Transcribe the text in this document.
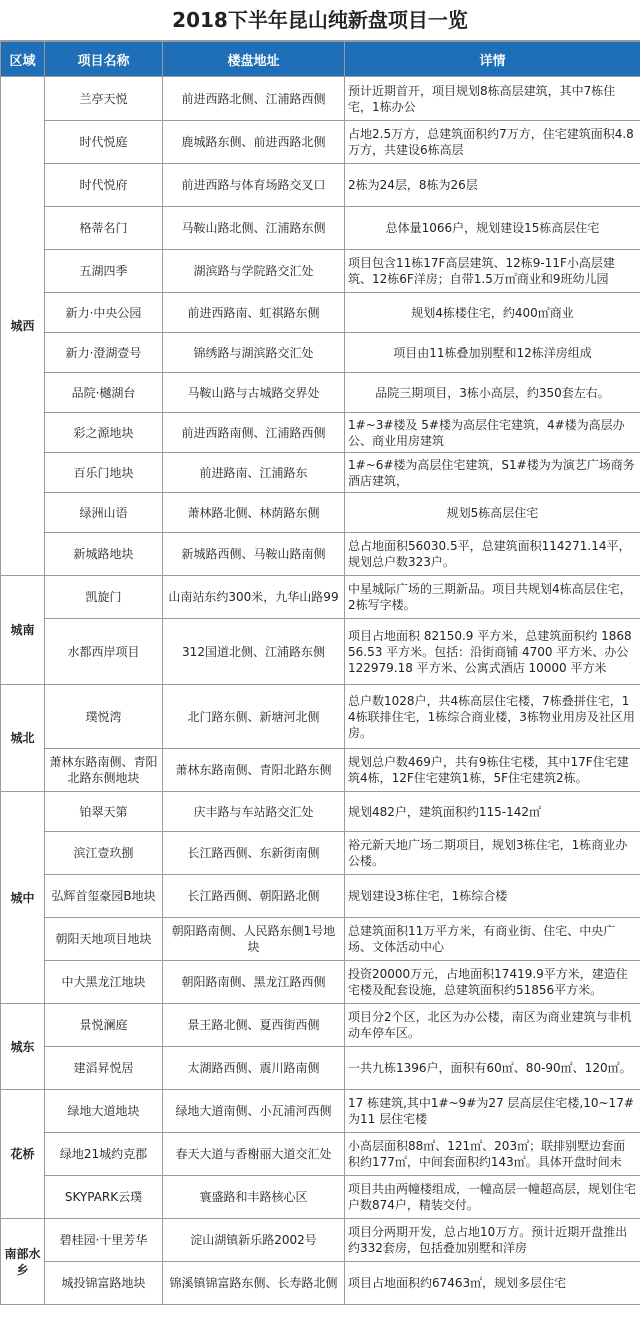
2018下半年昆山纯新盘项目一览
区域	项目名称	楼盘地址	详情
城西	兰亭天悦	前进西路北侧、江浦路西侧	预计近期首开，项目规划8栋高层建筑，其中7栋住宅，1栋办公
	时代悦庭	鹿城路东侧、前进西路北侧	占地2.5万方，总建筑面积约7万方，住宅建筑面积4.8万方，共建设6栋高层
	时代悦府	前进西路与体育场路交叉口	2栋为24层，8栋为26层
	格蒂名门	马鞍山路北侧、江浦路东侧	总体量1066户，规划建设15栋高层住宅
	五湖四季	湖滨路与学院路交汇处	项目包含11栋17F高层建筑、12栋9-11F小高层建筑、12栋6F洋房；自带1.5万㎡商业和9班幼儿园
	新力·中央公园	前进西路南、虹祺路东侧	规划4栋楼住宅，约400㎡商业
	新力·澄湖壹号	锦绣路与湖滨路交汇处	项目由11栋叠加别墅和12栋洋房组成
	品院·樾湖台	马鞍山路与古城路交界处	品院三期项目，3栋小高层，约350套左右。
	彩之源地块	前进西路南侧、江浦路西侧	1#~3#楼及 5#楼为高层住宅建筑，4#楼为高层办公、商业用房建筑
	百乐门地块	前进路南、江浦路东	1#~6#楼为高层住宅建筑，S1#楼为为演艺广场商务酒店建筑，
	绿洲山语	萧林路北侧、林荫路东侧	规划5栋高层住宅
	新城路地块	新城路西侧、马鞍山路南侧	总占地面积56030.5平，总建筑面积114271.14平，规划总户数323户。
城南	凯旋门	山南站东约300米，九华山路99	中星城际广场的三期新品。项目共规划4栋高层住宅，2栋写字楼。
	水都西岸项目	312国道北侧、江浦路东侧	项目占地面积 82150.9 平方米，总建筑面积约 186856.53 平方米。包括：沿街商铺 4700 平方米、办公 122979.18 平方米、公寓式酒店 10000 平方米
城北	璞悦湾	北门路东侧、新塘河北侧	总户数1028户，共4栋高层住宅楼，7栋叠拼住宅，14栋联排住宅，1栋综合商业楼，3栋物业用房及社区用房。
	萧林东路南侧、青阳北路东侧地块	萧林东路南侧、青阳北路东侧	规划总户数469户，共有9栋住宅楼，其中17F住宅建筑4栋，12F住宅建筑1栋，5F住宅建筑2栋。
城中	铂翠天第	庆丰路与车站路交汇处	规划482户，建筑面积约115-142㎡
	滨江壹玖捌	长江路西侧、东新街南侧	裕元新天地广场二期项目，规划3栋住宅，1栋商业办公楼。
	弘辉首玺豪园B地块	长江路西侧、朝阳路北侧	规划建设3栋住宅，1栋综合楼
	朝阳天地项目地块	朝阳路南侧、人民路东侧1号地块	总建筑面积11万平方米，有商业街、住宅、中央广场、文体活动中心
	中大黑龙江地块	朝阳路南侧、黑龙江路西侧	投资20000万元，占地面积17419.9平方米，建造住宅楼及配套设施，总建筑面积约51856平方米。
城东	景悦澜庭	景王路北侧、夏西街西侧	项目分2个区，北区为办公楼，南区为商业建筑与非机动车停车区。
	建滔昇悦居	太湖路西侧、震川路南侧	一共九栋1396户，面积有60㎡、80-90㎡、120㎡。
花桥	绿地大道地块	绿地大道南侧、小瓦浦河西侧	17 栋建筑,其中1#~9#为27 层高层住宅楼,10~17#为11 层住宅楼
	绿地21城约克郡	春天大道与香榭丽大道交汇处	小高层面积88㎡、121㎡、203㎡；联排别墅边套面积约177㎡，中间套面积约143㎡。具体开盘时间未
	SKYPARK云璞	寰盛路和丰路核心区	项目共由两幢楼组成，一幢高层一幢超高层，规划住宅户数874户，精装交付。
南部水乡	碧桂园·十里芳华	淀山湖镇新乐路2002号	项目分两期开发，总占地10万方。预计近期开盘推出约332套房，包括叠加别墅和洋房
	城投锦富路地块	锦溪镇锦富路东侧、长寿路北侧	项目占地面积约67463㎡，规划多层住宅
